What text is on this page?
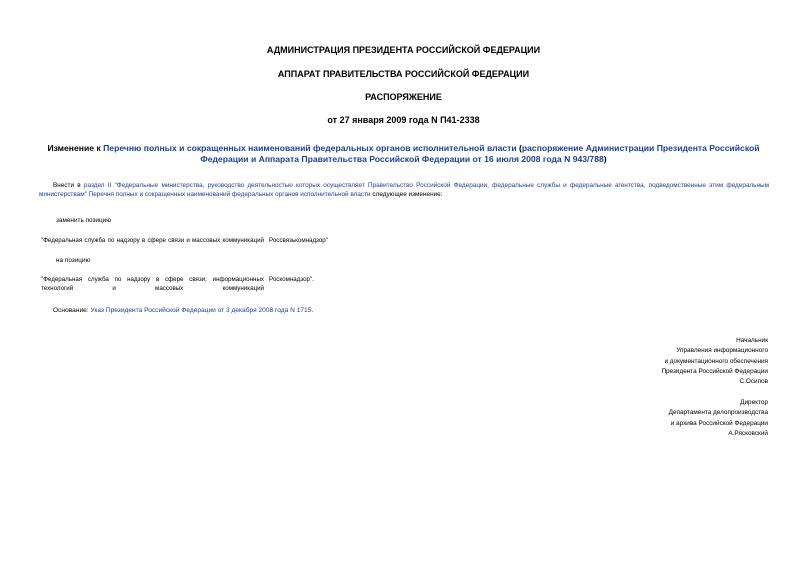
АДМИНИСТРАЦИЯ ПРЕЗИДЕНТА РОССИЙСКОЙ ФЕДЕРАЦИИ
АППАРАТ ПРАВИТЕЛЬСТВА РОССИЙСКОЙ ФЕДЕРАЦИИ
РАСПОРЯЖЕНИЕ
от 27 января 2009 года N П41-2338
Изменение к Перечню полных и сокращенных наименований федеральных органов исполнительной власти (распоряжение Администрации Президента Российской Федерации и Аппарата Правительства Российской Федерации от 16 июля 2008 года N 943/788)
Внести в раздел II "Федеральные министерства, руководство деятельностью которых осуществляет Правительство Российской Федерации, федеральные службы и федеральные агентства, подведомственные этим федеральным министерствам" Перечня полных и сокращенных наименований федеральных органов исполнительной власти следующее изменение:
заменить позицию
"Федеральная служба по надзору в сфере связи и массовых коммуникаций Россвязькомнадзор"
на позицию
"Федеральная служба по надзору в сфере связи, информационных технологий и массовых коммуникаций
Роскомнадзор".
Основание: Указ Президента Российской Федерации от 3 декабря 2008 года N 1715.
Начальник
Управления информационного
и документационного обеспечения
Президента Российской Федерации
С.Осипов
Директор
Департамента делопроизводства
и архива Российской Федерации
А.Рясковский
